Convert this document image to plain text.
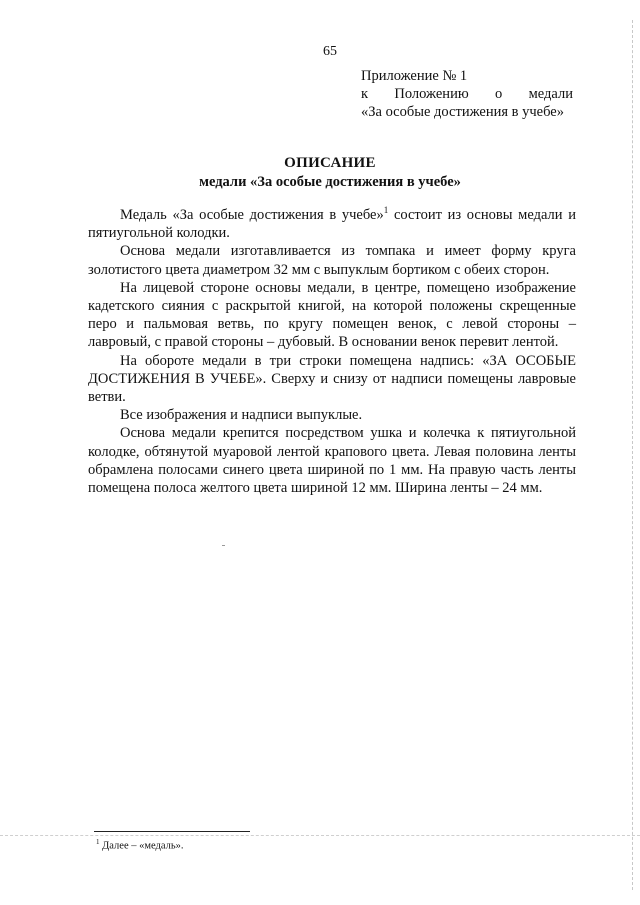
65
Приложение № 1
к Положению о медали
«За особые достижения в учебе»
ОПИСАНИЕ
медали «За особые достижения в учебе»

Медаль «За особые достижения в учебе»$^1$ состоит из основы медали и пятиугольной колодки.

Основа медали изготавливается из томпака и имеет форму круга золотистого цвета диаметром 32 мм с выпуклым бортиком с обеих сторон.

На лицевой стороне основы медали, в центре, помещено изображение кадетского сияния с раскрытой книгой, на которой положены скрещенные перо и пальмовая ветвь, по кругу помещен венок, с левой стороны – лавровый, с правой стороны – дубовый. В основании венок перевит лентой.

На обороте медали в три строки помещена надпись: «ЗА ОСОБЫЕ ДОСТИЖЕНИЯ В УЧЕБЕ». Сверху и снизу от надписи помещены лавровые ветви.

Все изображения и надписи выпуклые.

Основа медали крепится посредством ушка и колечка к пятиугольной колодке, обтянутой муаровой лентой крапового цвета. Левая половина ленты обрамлена полосами синего цвета шириной по 1 мм. На правую часть ленты помещена полоса желтого цвета шириной 12 мм. Ширина ленты – 24 мм.

$^1$ Далее – «медаль».
